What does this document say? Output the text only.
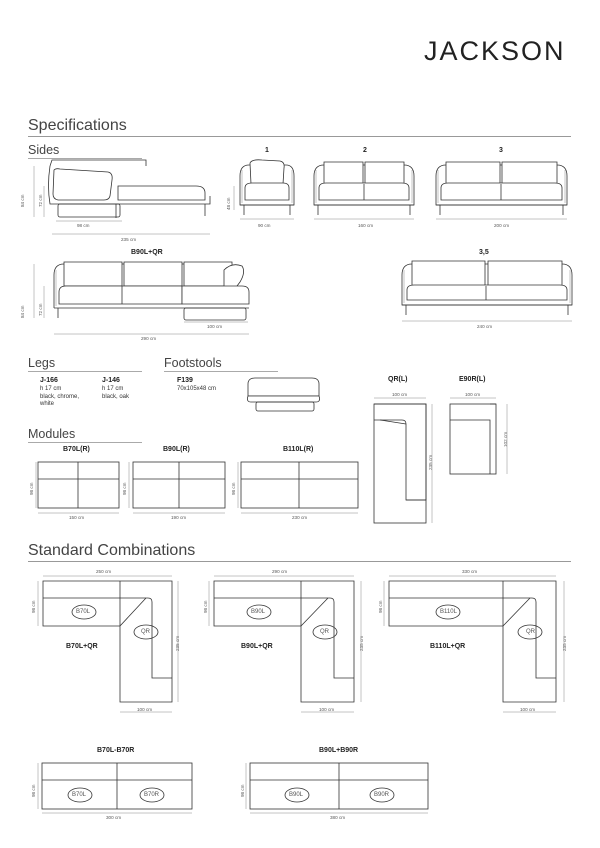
JACKSON
Specifications
Sides	1	2	3
B90L+QR	3,5
98 cm
235 cm
84 cm	72 cm
90 cm
48 cm
160 cm	200 cm
84 cm	72 cm
100 cm
290 cm
240 cm
Legs	Footstools
J-166
h 17 cm
black, chrome,
white
J-146
h 17 cm
black, oak
F139
70x105x48 cm
QR(L)	E90R(L)
100 cm	100 cm
235 cm
102 cm
Modules
B70L(R)	B90L(R)	B110L(R)
98 cm	98 cm	98 cm
150 cm	190 cm	230 cm
Standard Combinations
B70L+QR	B90L+QR	B110L+QR
B70L-B70R	B90L+B90R
250 cm	290 cm	330 cm
98 cm	98 cm	98 cm
235 cm	235 cm	235 cm
100 cm	100 cm	100 cm
98 cm	98 cm
300 cm	380 cm
B70L
QR
B90L
QR
B110L
QR
B70L	B70R	B90L	B90R
